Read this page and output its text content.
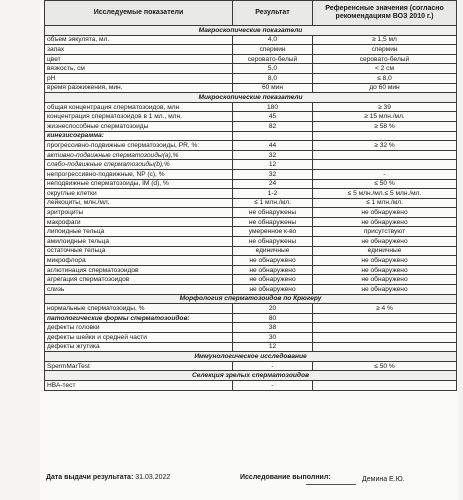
Исследуемые показатели	Результат	Референсные значения (согласно рекомендациям ВОЗ 2010 г.)
Макроскопические показатели		
объем эякулята, мл.	4,0	≥ 1,5 мл
запах	спермин	спермин
цвет	серовато-белый	серовато-белый
вязкость, см	5,0	< 2 см
pH	8,0	≤ 8,0
время разжижения, мин.	60 мин	до 60 мин
Микроскопические показатели		
общая концентрация сперматозоидов, млн	180	≥ 39
концентрация сперматозоидов в 1 мл., млн.	45	≥ 15 млн./мл.
жизнеспособные сперматозоиды	82	≥ 58 %
кинезисограмма:		
прогрессивно-подвижные сперматозоиды, PR, %:	44	≥ 32 %
активно-подвижные сперматозоиды(a),%	32	
слабо-подвижные сперматозоиды(b),%	12	
непрогрессивно-подвижные, NP (c), %	32	-
неподвижные сперматозоиды, IM (d), %	24	≤ 50 %
округлые клетки	1-2	≤ 5 млн./мл.≤ 5 млн./мл.
лейкоциты, млн./мл.	≤ 1 млн./мл.	≤ 1 млн./мл.
эритроциты	не обнаружены	не обнаружено
макрофаги	не обнаружены	не обнаружено
липоидные тельца	умеренное к-во	присутствуют
амилоидные тельца	не обнаружены	не обнаружено
остаточные тельца	единичные	единичные
микрофлора	не обнаружено	не обнаружено
аглютинация сперматозоидов	не обнаружено	не обнаружено
агрегация сперматозоидов	не обнаружено	не обнаружено
слизь	не обнаружено	не обнаружено
Морфология сперматозоидов по Крюгеру		
нормальные сперматозоиды, %	20	≥ 4 %
патологические формы сперматозоидов:	80	
дефекты головки	38	
дефекты шейки и средней части	30	
дефекты жгутика	12	
Иммунологическое исследование		
SpermMarTest	-	≤ 50 %
Селекция зрелых сперматозоидов		
НВА-тест	-	
Дата выдачи результата: 31.03.2022	Исследование выполнил:	Демина Е.Ю.
